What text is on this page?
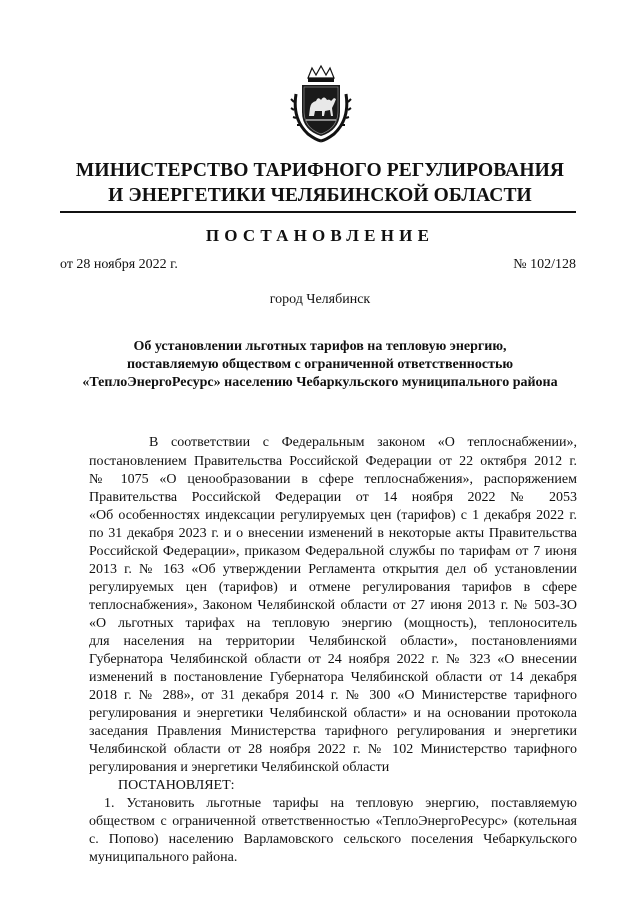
МИНИСТЕРСТВО ТАРИФНОГО РЕГУЛИРОВАНИЯ
И ЭНЕРГЕТИКИ ЧЕЛЯБИНСКОЙ ОБЛАСТИ
ПОСТАНОВЛЕНИЕ
от 28 ноября 2022 г.	№ 102/128
город Челябинск
Об установлении льготных тарифов на тепловую энергию,
поставляемую обществом с ограниченной ответственностью
«ТеплоЭнергоРесурс» населению Чебаркульского муниципального района
В соответствии с Федеральным законом «О теплоснабжении»,
постановлением Правительства Российской Федерации от 22 октября 2012 г.
№ 1075 «О ценообразовании в сфере теплоснабжения», распоряжением
Правительства Российской Федерации от 14 ноября 2022 № 2053
«Об особенностях индексации регулируемых цен (тарифов) с 1 декабря 2022 г.
по 31 декабря 2023 г. и о внесении изменений в некоторые акты Правительства
Российской Федерации», приказом Федеральной службы по тарифам от 7 июня
2013 г. № 163 «Об утверждении Регламента открытия дел об установлении
регулируемых цен (тарифов) и отмене регулирования тарифов в сфере
теплоснабжения», Законом Челябинской области от 27 июня 2013 г. № 503-ЗО
«О льготных тарифах на тепловую энергию (мощность), теплоноситель
для населения на территории Челябинской области», постановлениями
Губернатора Челябинской области от 24 ноября 2022 г. № 323 «О внесении
изменений в постановление Губернатора Челябинской области от 14 декабря
2018 г. № 288», от 31 декабря 2014 г. № 300 «О Министерстве тарифного
регулирования и энергетики Челябинской области» и на основании протокола
заседания Правления Министерства тарифного регулирования и энергетики
Челябинской области от 28 ноября 2022 г. № 102 Министерство тарифного
регулирования и энергетики Челябинской области
ПОСТАНОВЛЯЕТ:
1. Установить льготные тарифы на тепловую энергию, поставляемую
обществом с ограниченной ответственностью «ТеплоЭнергоРесурс» (котельная
с. Попово) населению Варламовского сельского поселения Чебаркульского
муниципального района.
